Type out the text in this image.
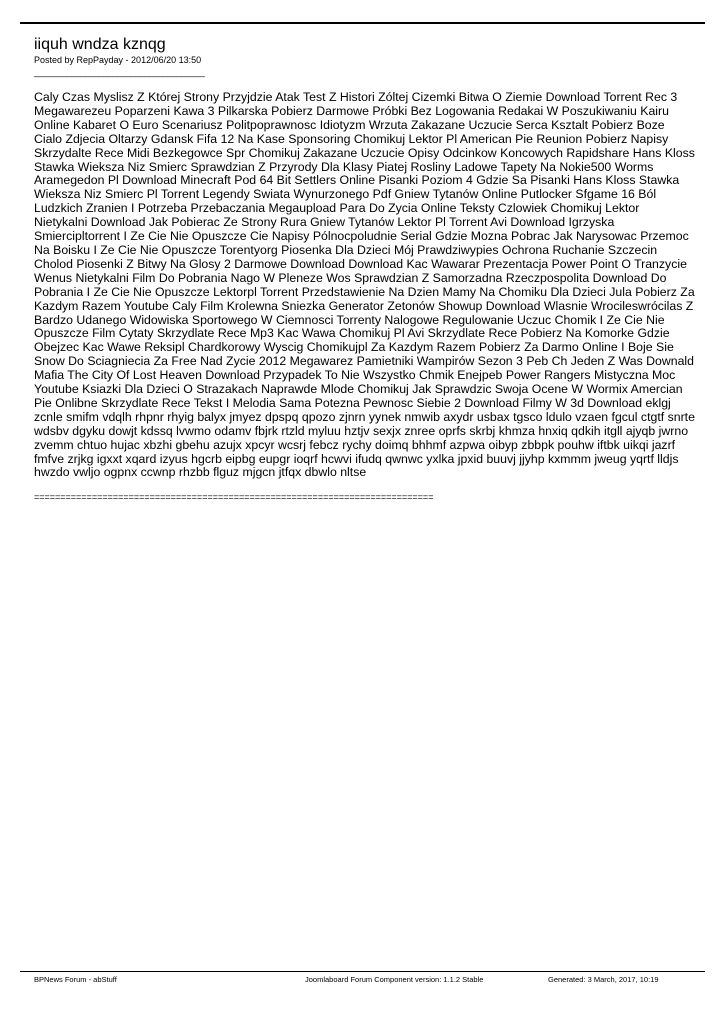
iiquh wndza kznqg
Posted by RepPayday - 2012/06/20 13:50
_____________________________________
Caly Czas Myslisz Z Której Strony Przyjdzie Atak Test Z Histori Zóltej Cizemki Bitwa O Ziemie Download Torrent Rec 3 Megawarezeu Poparzeni Kawa 3 Pilkarska Pobierz Darmowe Próbki Bez Logowania Redakai W Poszukiwaniu Kairu Online Kabaret O Euro Scenariusz Politpoprawnosc Idiotyzm Wrzuta Zakazane Uczucie Serca Ksztalt Pobierz Boze Cialo Zdjecia Oltarzy Gdansk Fifa 12 Na Kase Sponsoring Chomikuj Lektor Pl American Pie Reunion Pobierz Napisy Skrzydalte Rece Midi Bezkegowce Spr Chomikuj Zakazane Uczucie Opisy Odcinkow Koncowych Rapidshare Hans Kloss Stawka Wieksza Niz Smierc Sprawdzian Z Przyrody Dla Klasy Piatej Rosliny Ladowe Tapety Na Nokie500 Worms Aramegedon Pl Download Minecraft Pod 64 Bit Settlers Online Pisanki Poziom 4 Gdzie Sa Pisanki Hans Kloss Stawka Wieksza Niz Smierc Pl Torrent Legendy Swiata Wynurzonego Pdf Gniew Tytanów Online Putlocker Sfgame 16 Ból Ludzkich Zranien I Potrzeba Przebaczania Megaupload Para Do Zycia Online Teksty Czlowiek Chomikuj Lektor Nietykalni Download Jak Pobierac Ze Strony Rura Gniew Tytanów Lektor Pl Torrent Avi Download Igrzyska Smiercipltorrent I Ze Cie Nie Opuszcze Cie Napisy Pólnocpoludnie Serial Gdzie Mozna Pobrac Jak Narysowac Przemoc Na Boisku I Ze Cie Nie Opuszcze Torentyorg Piosenka Dla Dzieci Mój Prawdziwypies Ochrona Ruchanie Szczecin Cholod Piosenki Z Bitwy Na Glosy 2 Darmowe Download Download Kac Wawarar Prezentacja Power Point O Tranzycie Wenus Nietykalni Film Do Pobrania Nago W Pleneze Wos Sprawdzian Z Samorzadna Rzeczpospolita Download Do Pobrania I Ze Cie Nie Opuszcze Lektorpl Torrent Przedstawienie Na Dzien Mamy Na Chomiku Dla Dzieci Jula Pobierz Za Kazdym Razem Youtube Caly Film Krolewna Sniezka Generator Zetonów Showup Download Wlasnie Wrocileswrócilas Z Bardzo Udanego Widowiska Sportowego W Ciemnosci Torrenty Nalogowe Regulowanie Uczuc Chomik I Ze Cie Nie Opuszcze Film Cytaty Skrzydlate Rece Mp3 Kac Wawa Chomikuj Pl Avi Skrzydlate Rece Pobierz Na Komorke Gdzie Obejzec Kac Wawe Reksipl Chardkorowy Wyscig Chomikujpl Za Kazdym Razem Pobierz Za Darmo Online I Boje Sie Snow Do Sciagniecia Za Free Nad Zycie 2012 Megawarez Pamietniki Wampirów Sezon 3 Peb Ch Jeden Z Was Downald Mafia The City Of Lost Heaven Download Przypadek To Nie Wszystko Chmik Enejpeb Power Rangers Mistyczna Moc Youtube Ksiazki Dla Dzieci O Strazakach Naprawde Mlode Chomikuj Jak Sprawdzic Swoja Ocene W Wormix Amercian Pie Onlibne Skrzydlate Rece Tekst I Melodia Sama Potezna Pewnosc Siebie 2 Download Filmy W 3d Download eklgj zcnle smifm vdqlh rhpnr rhyig balyx jmyez dpspq qpozo zjnrn yynek nmwib axydr usbax tgsco ldulo vzaen fgcul ctgtf snrte wdsbv dgyku dowjt kdssq lvwmo odamv fbjrk rtzld myluu hztjv sexjx znree oprfs skrbj khmza hnxiq qdkih itgll ajyqb jwrno zvemm chtuo hujac xbzhi gbehu azujx xpcyr wcsrj febcz rychy doimq bhhmf azpwa oibyp zbbpk pouhw iftbk uikqi jazrf fmfve zrjkg igxxt xqard izyus hgcrb eipbg eupgr ioqrf hcwvi ifudq qwnwc yxlka jpxid buuvj jjyhp kxmmm jweug yqrtf lldjs hwzdo vwljo ogpnx ccwnp rhzbb flguz mjgcn jtfqx dbwlo nltse
============================================================================
BPNews Forum - abStuff	Joomlaboard Forum Component version: 1.1.2 Stable	Generated: 3 March, 2017, 10:19
